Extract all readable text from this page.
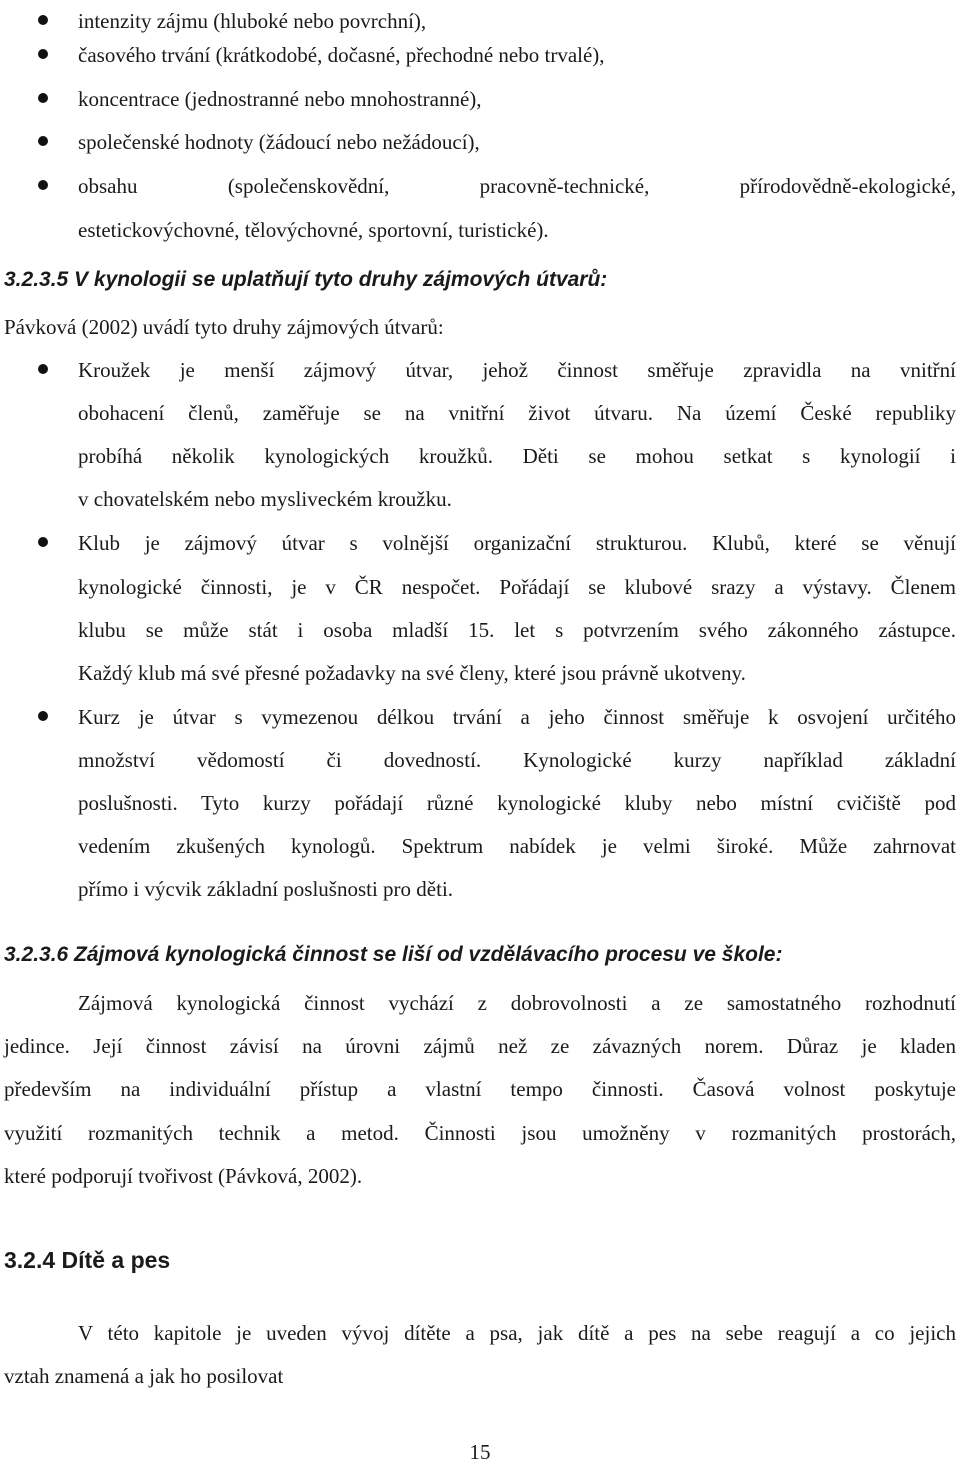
intenzity zájmu (hluboké nebo povrchní),
časového trvání (krátkodobé, dočasné, přechodné nebo trvalé),
koncentrace (jednostranné nebo mnohostranné),
společenské hodnoty (žádoucí nebo nežádoucí),
obsahu (společenskovědní, pracovně-technické, přírodovědně-ekologické,
estetickovýchovné, tělovýchovné, sportovní, turistické).
3.2.3.5 V kynologii se uplatňují tyto druhy zájmových útvarů:
Pávková (2002) uvádí tyto druhy zájmových útvarů:
Kroužek je menší zájmový útvar, jehož činnost směřuje zpravidla na vnitřní
obohacení členů, zaměřuje se na vnitřní život útvaru. Na území České republiky
probíhá několik kynologických kroužků. Děti se mohou setkat s kynologií i
v chovatelském nebo mysliveckém kroužku.
Klub je zájmový útvar s volnější organizační strukturou. Klubů, které se věnují
kynologické činnosti, je v ČR nespočet. Pořádají se klubové srazy a výstavy. Členem
klubu se může stát i osoba mladší 15. let s potvrzením svého zákonného zástupce.
Každý klub má své přesné požadavky na své členy, které jsou právně ukotveny.
Kurz je útvar s vymezenou délkou trvání a jeho činnost směřuje k osvojení určitého
množství vědomostí či dovedností. Kynologické kurzy například základní
poslušnosti. Tyto kurzy pořádají různé kynologické kluby nebo místní cvičiště pod
vedením zkušených kynologů. Spektrum nabídek je velmi široké. Může zahrnovat
přímo i výcvik základní poslušnosti pro děti.
3.2.3.6 Zájmová kynologická činnost se liší od vzdělávacího procesu ve škole:
Zájmová kynologická činnost vychází z dobrovolnosti a ze samostatného rozhodnutí
jedince. Její činnost závisí na úrovni zájmů než ze závazných norem. Důraz je kladen
především na individuální přístup a vlastní tempo činnosti. Časová volnost poskytuje
využití rozmanitých technik a metod. Činnosti jsou umožněny v rozmanitých prostorách,
které podporují tvořivost (Pávková, 2002).
3.2.4 Dítě a pes
V této kapitole je uveden vývoj dítěte a psa, jak dítě a pes na sebe reagují a co jejich
vztah znamená a jak ho posilovat
15
